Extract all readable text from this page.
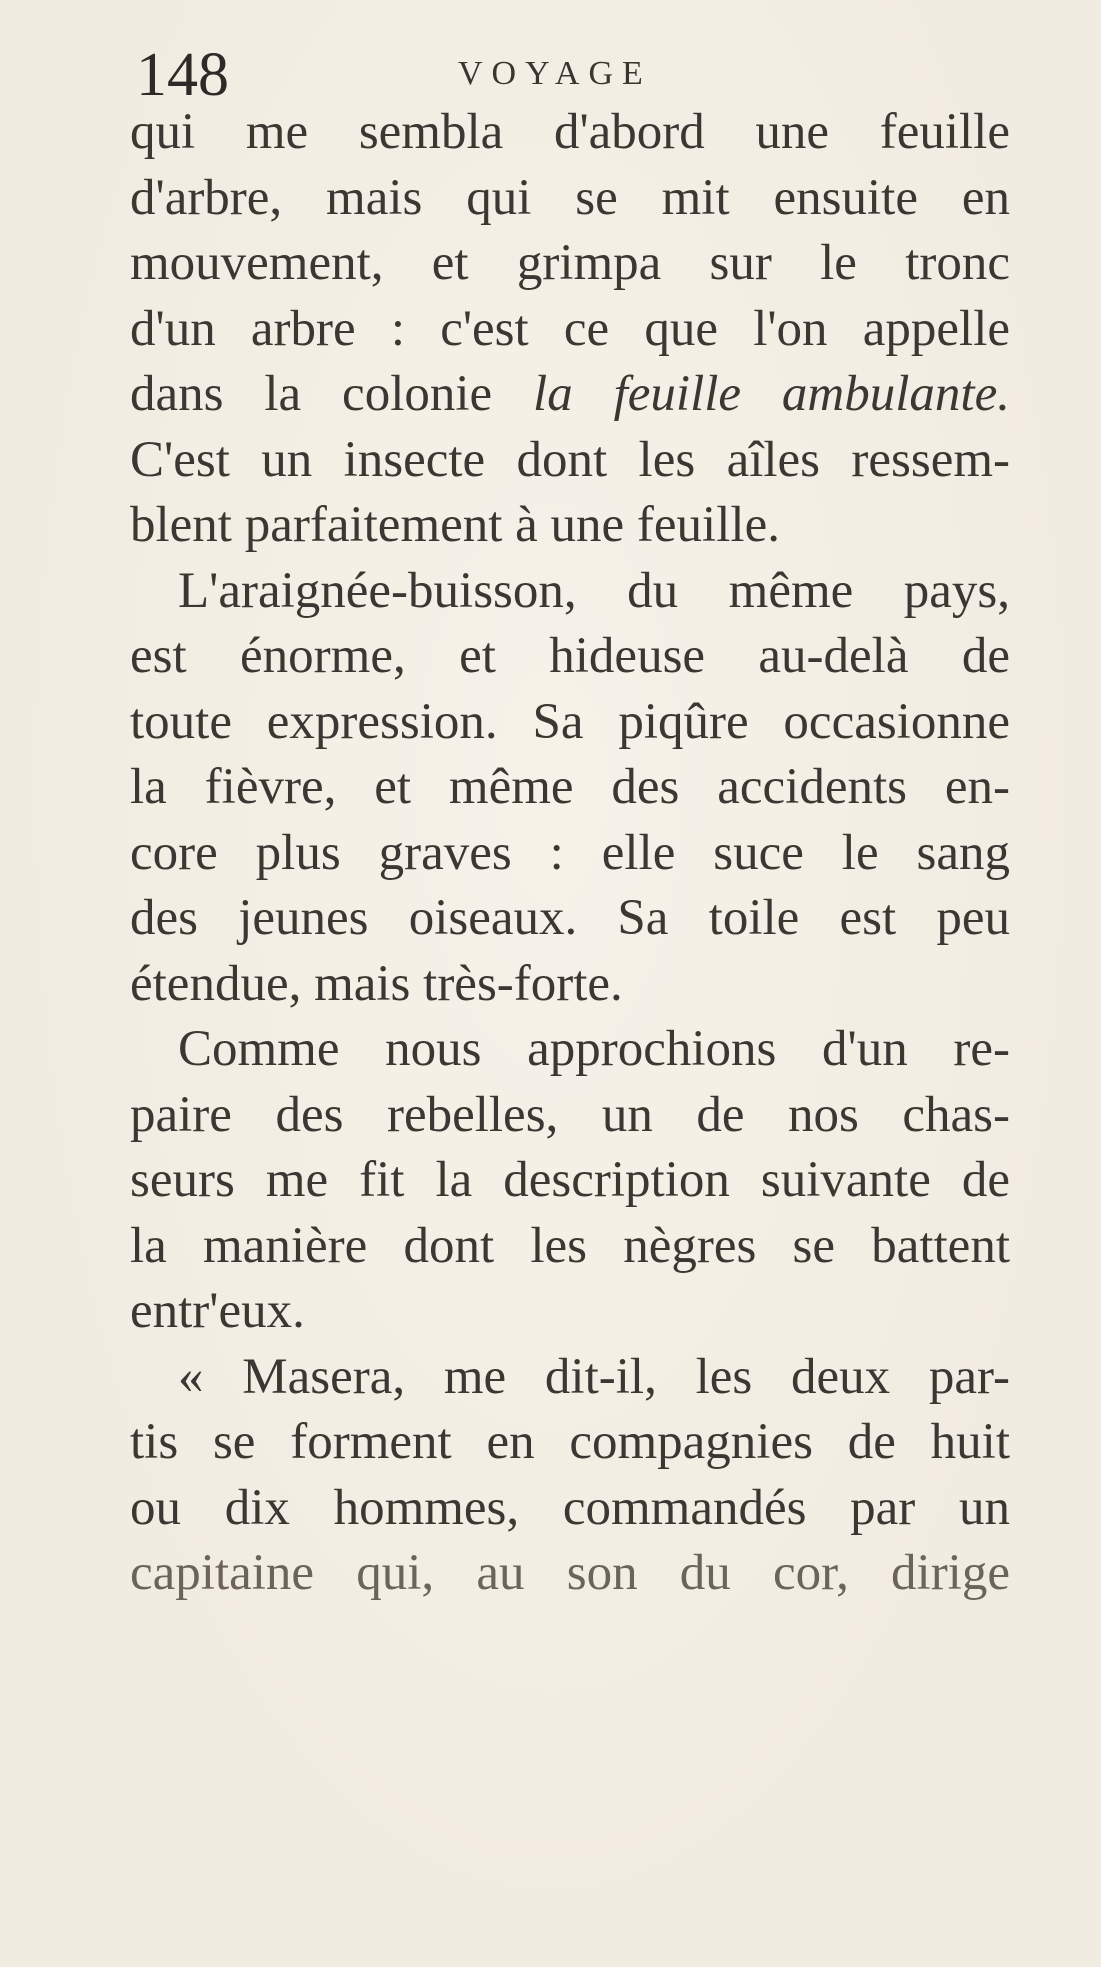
148	VOYAGE
qui me sembla d'abord une feuille
d'arbre, mais qui se mit ensuite en
mouvement, et grimpa sur le tronc
d'un arbre : c'est ce que l'on appelle
dans la colonie la feuille ambulante.
C'est un insecte dont les aîles ressem-
blent parfaitement à une feuille.
L'araignée-buisson, du même pays,
est énorme, et hideuse au-delà de
toute expression. Sa piqûre occasionne
la fièvre, et même des accidents en-
core plus graves : elle suce le sang
des jeunes oiseaux. Sa toile est peu
étendue, mais très-forte.
Comme nous approchions d'un re-
paire des rebelles, un de nos chas-
seurs me fit la description suivante de
la manière dont les nègres se battent
entr'eux.
« Masera, me dit-il, les deux par-
tis se forment en compagnies de huit
ou dix hommes, commandés par un
capitaine qui, au son du cor, dirige
